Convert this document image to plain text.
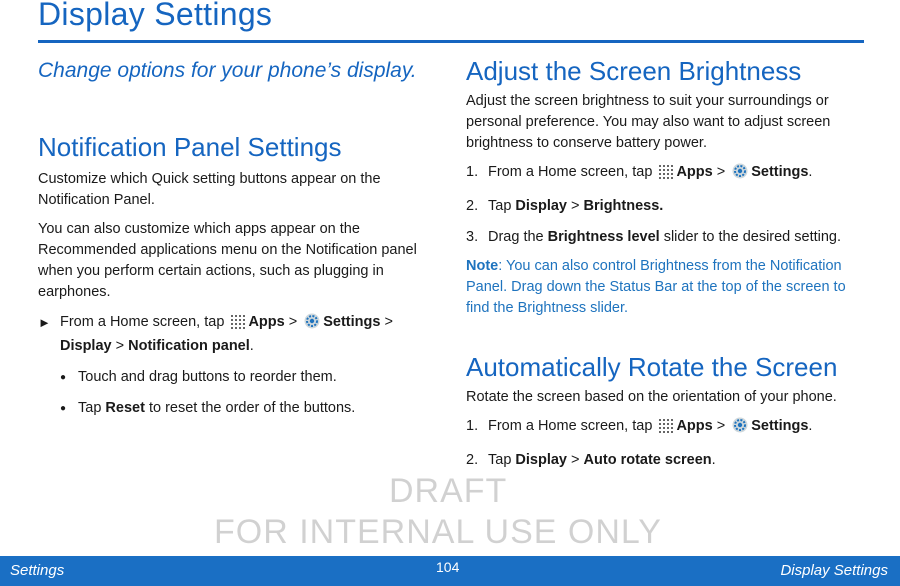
Display Settings

Change options for your phone’s display.

Notification Panel Settings

Customize which Quick setting buttons appear on the Notification Panel.

You can also customize which apps appear on the Recommended applications menu on the Notification panel when you perform certain actions, such as plugging in earphones.

► From a Home screen, tap Apps > Settings > Display > Notification panel.
● Touch and drag buttons to reorder them.
● Tap Reset to reset the order of the buttons.
Adjust the Screen Brightness

Adjust the screen brightness to suit your surroundings or personal preference. You may also want to adjust screen brightness to conserve battery power.

1. From a Home screen, tap Apps > Settings.
2. Tap Display > Brightness.
3. Drag the Brightness level slider to the desired setting.

Note: You can also control Brightness from the Notification Panel. Drag down the Status Bar at the top of the screen to find the Brightness slider.

Automatically Rotate the Screen

Rotate the screen based on the orientation of your phone.

1. From a Home screen, tap Apps > Settings.
2. Tap Display > Auto rotate screen.
DRAFT
FOR INTERNAL USE ONLY
Settings	104	Display Settings
